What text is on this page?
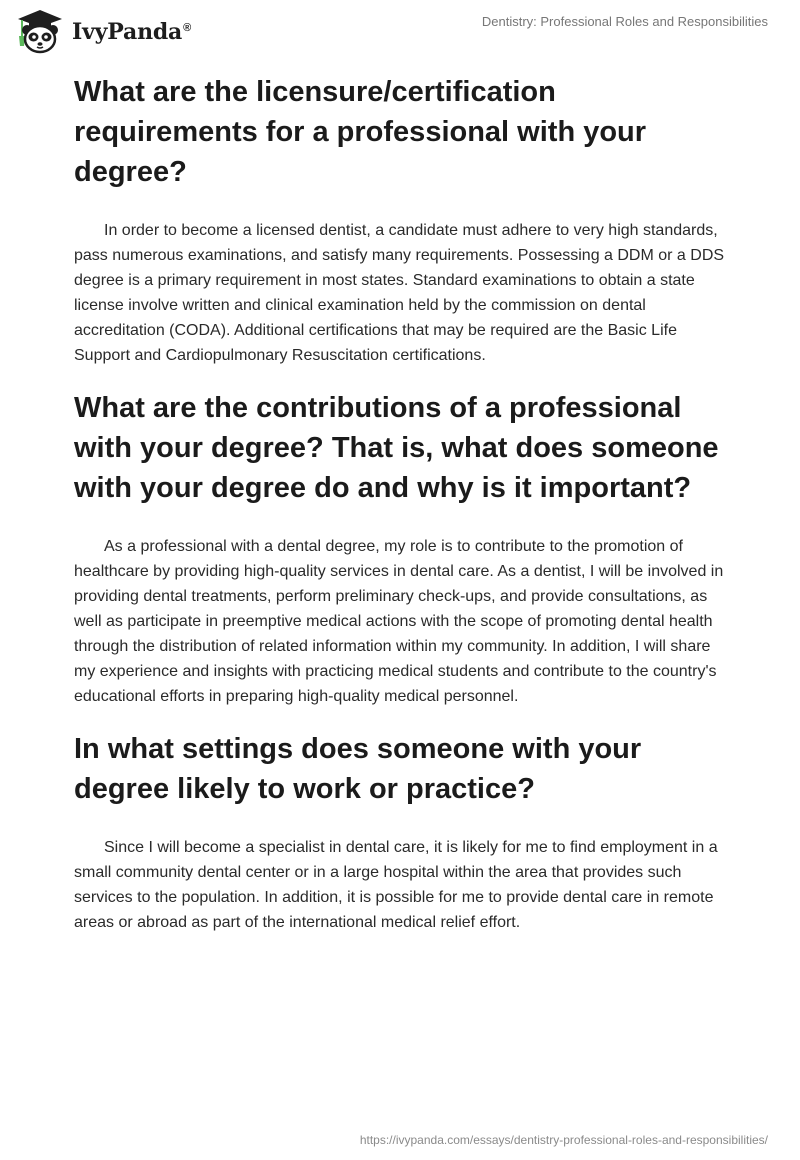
IvyPanda®	Dentistry: Professional Roles and Responsibilities
What are the licensure/certification requirements for a professional with your degree?

In order to become a licensed dentist, a candidate must adhere to very high standards, pass numerous examinations, and satisfy many requirements. Possessing a DDM or a DDS degree is a primary requirement in most states. Standard examinations to obtain a state license involve written and clinical examination held by the commission on dental accreditation (CODA). Additional certifications that may be required are the Basic Life Support and Cardiopulmonary Resuscitation certifications.

What are the contributions of a professional with your degree? That is, what does someone with your degree do and why is it important?

As a professional with a dental degree, my role is to contribute to the promotion of healthcare by providing high-quality services in dental care. As a dentist, I will be involved in providing dental treatments, perform preliminary check-ups, and provide consultations, as well as participate in preemptive medical actions with the scope of promoting dental health through the distribution of related information within my community. In addition, I will share my experience and insights with practicing medical students and contribute to the country's educational efforts in preparing high-quality medical personnel.

In what settings does someone with your degree likely to work or practice?

Since I will become a specialist in dental care, it is likely for me to find employment in a small community dental center or in a large hospital within the area that provides such services to the population. In addition, it is possible for me to provide dental care in remote areas or abroad as part of the international medical relief effort.

https://ivypanda.com/essays/dentistry-professional-roles-and-responsibilities/
